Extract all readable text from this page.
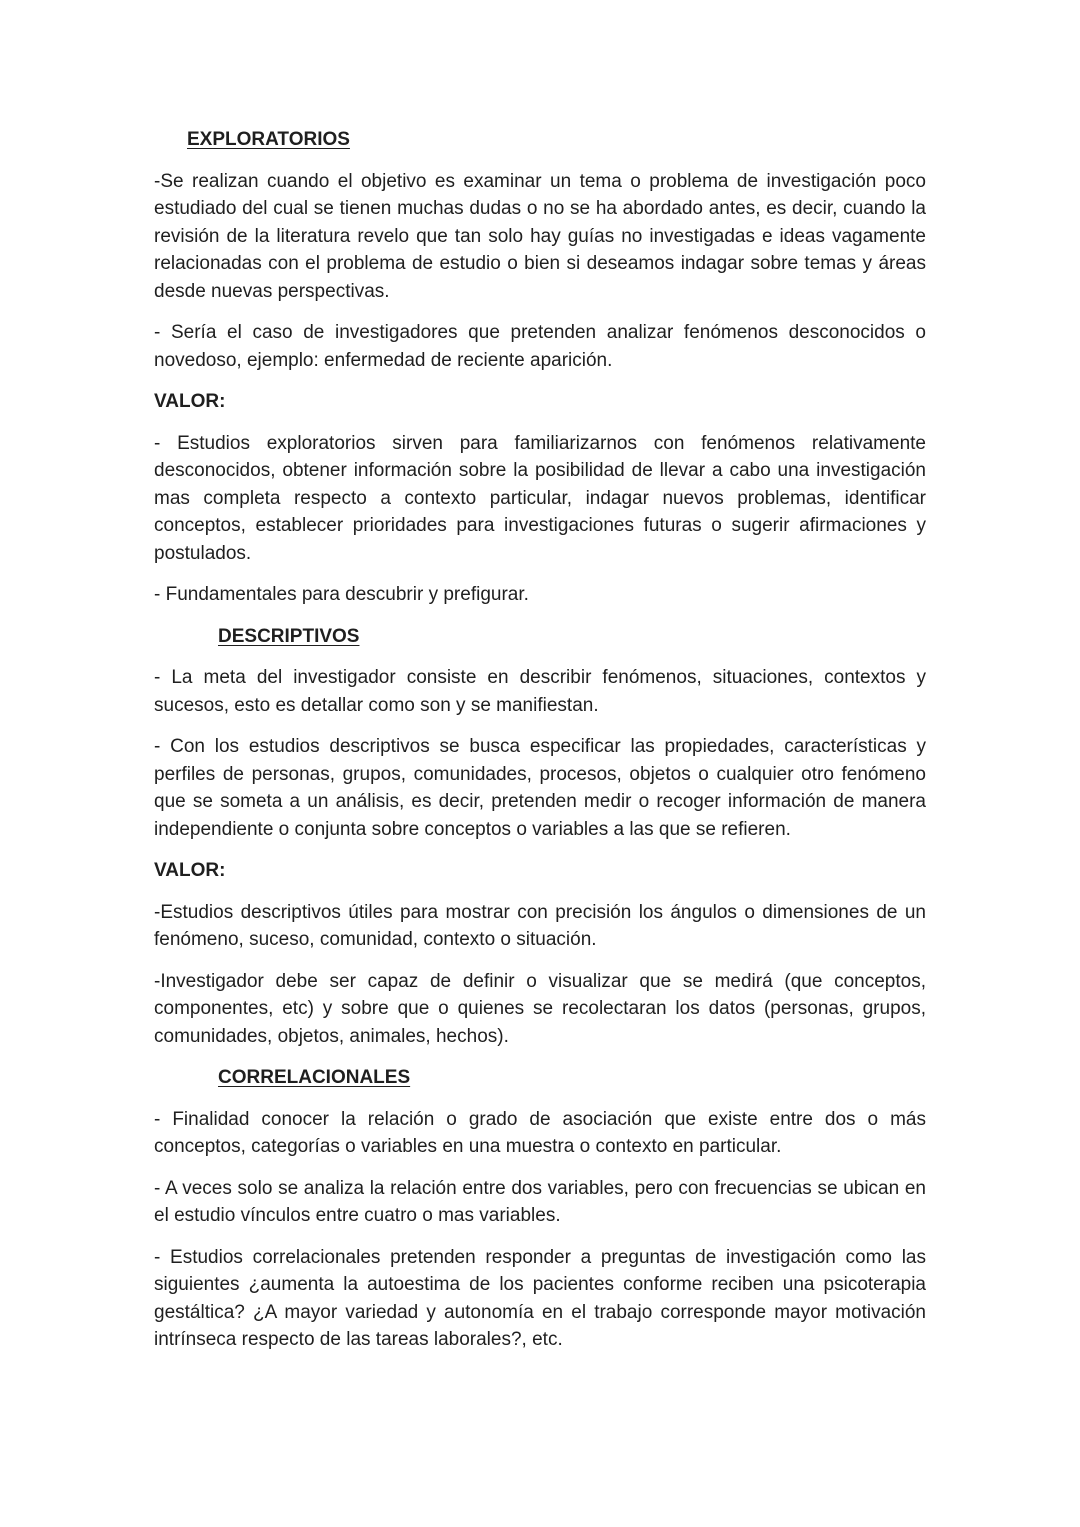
EXPLORATORIOS

-Se realizan cuando el objetivo es examinar un tema o problema de investigación poco estudiado del cual se tienen muchas dudas o no se ha abordado antes, es decir, cuando la revisión de la literatura revelo que tan solo hay guías no investigadas e ideas vagamente relacionadas con el problema de estudio o bien si deseamos indagar sobre temas y áreas desde nuevas perspectivas.

- Sería el caso de investigadores que pretenden analizar fenómenos desconocidos o novedoso, ejemplo: enfermedad de reciente aparición.

VALOR:

- Estudios exploratorios sirven para familiarizarnos con fenómenos relativamente desconocidos, obtener información sobre la posibilidad de llevar a cabo una investigación mas completa respecto a contexto particular, indagar nuevos problemas, identificar conceptos, establecer prioridades para investigaciones futuras o sugerir afirmaciones y postulados.

- Fundamentales para descubrir y prefigurar.

DESCRIPTIVOS

- La meta del investigador consiste en describir fenómenos, situaciones, contextos y sucesos, esto es detallar como son y se manifiestan.

- Con los estudios descriptivos se busca especificar las propiedades, características y perfiles de personas, grupos, comunidades, procesos, objetos o cualquier otro fenómeno que se someta a un análisis, es decir, pretenden medir o recoger información de manera independiente o conjunta sobre conceptos o variables a las que se refieren.

VALOR:

-Estudios descriptivos útiles para mostrar con precisión los ángulos o dimensiones de un fenómeno, suceso, comunidad, contexto o situación.

-Investigador debe ser capaz de definir o visualizar que se medirá (que conceptos, componentes, etc) y sobre que o quienes se recolectaran los datos (personas, grupos, comunidades, objetos, animales, hechos).

CORRELACIONALES

- Finalidad conocer la relación o grado de asociación que existe entre dos o más conceptos, categorías o variables en una muestra o contexto en particular.

- A veces solo se analiza la relación entre dos variables, pero con frecuencias se ubican en el estudio vínculos entre cuatro o mas variables.

- Estudios correlacionales pretenden responder a preguntas de investigación como las siguientes ¿aumenta la autoestima de los pacientes conforme reciben una psicoterapia gestáltica? ¿A mayor variedad y autonomía en el trabajo corresponde mayor motivación intrínseca respecto de las tareas laborales?, etc.
